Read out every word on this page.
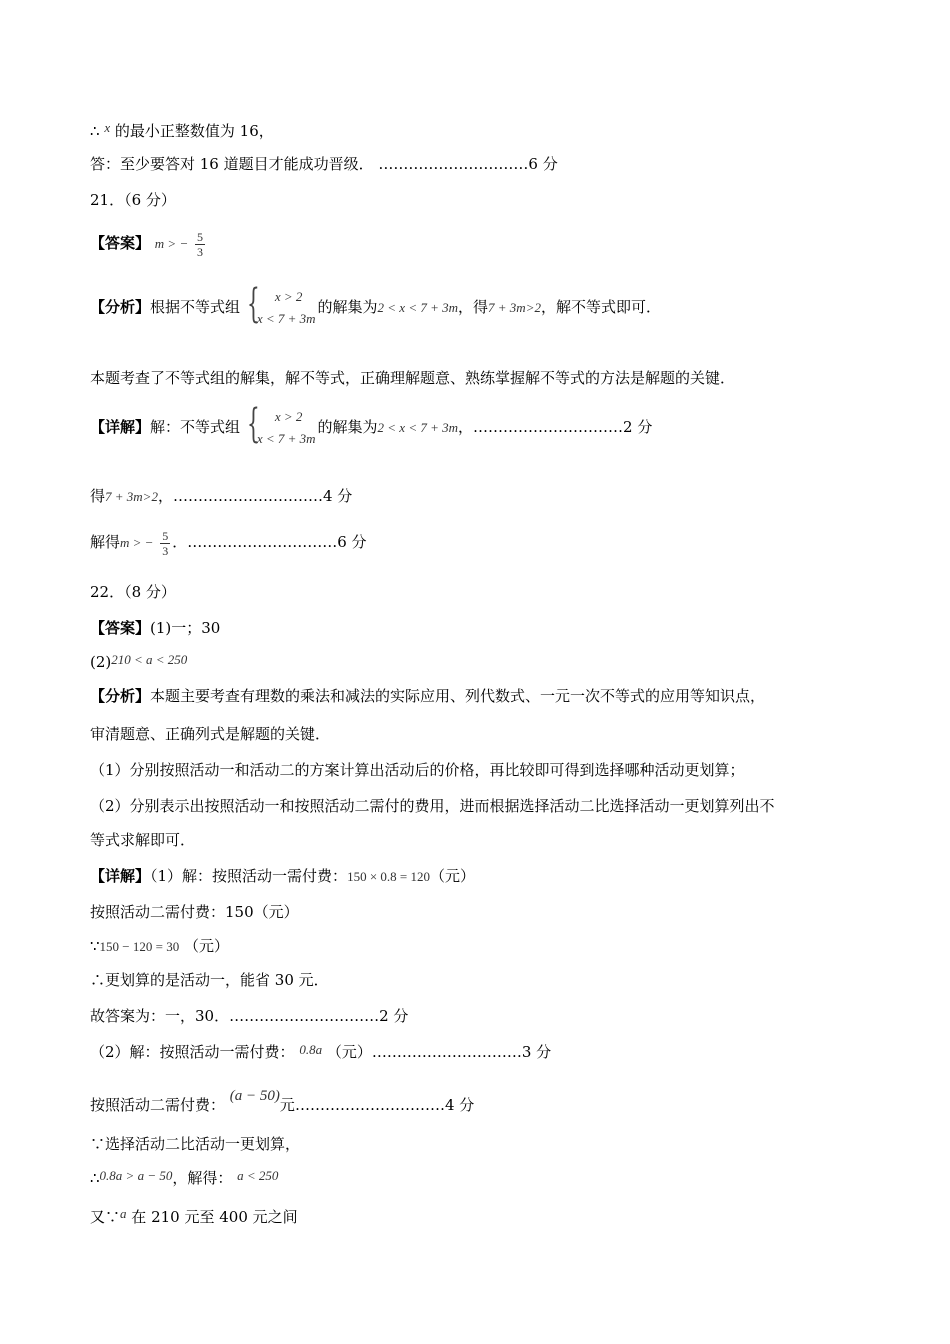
∴ x 的最小正整数值为 16，
答：至少要答对 16 道题目才能成功晋级． …………………………6 分
21．（6 分）
【答案】 m > − $\frac{5}{3}$
【分析】根据不等式组 {	x > 2
x < 7 + 3m
的解集为2 < x < 7 + 3m，得7 + 3m>2，解不等式即可．
本题考查了不等式组的解集，解不等式，正确理解题意、熟练掌握解不等式的方法是解题的关键．
【详解】解：不等式组 {	x > 2
x < 7 + 3m
的解集为2 < x < 7 + 3m，…………………………2 分
得7 + 3m>2，…………………………4 分
解得m > − $\frac{5}{3}$ ．…………………………6 分
22．（8 分）
【答案】(1)一；30
(2)210 < a < 250
【分析】本题主要考查有理数的乘法和减法的实际应用、列代数式、一元一次不等式的应用等知识点，
审清题意、正确列式是解题的关键．
（1）分别按照活动一和活动二的方案计算出活动后的价格，再比较即可得到选择哪种活动更划算；
（2）分别表示出按照活动一和按照活动二需付的费用，进而根据选择活动二比选择活动一更划算列出不
等式求解即可．
【详解】（1）解：按照活动一需付费：150 × 0.8 = 120（元）
按照活动二需付费：150（元）
∵150 − 120 = 30 （元）
∴更划算的是活动一，能省 30 元．
故答案为：一，30．…………………………2 分
（2）解：按照活动一需付费： 0.8a （元）…………………………3 分
按照活动二需付费： (a − 50)元…………………………4 分
∵选择活动二比活动一更划算，
∴0.8a > a − 50，解得： a < 250
又∵a 在 210 元至 400 元之间
